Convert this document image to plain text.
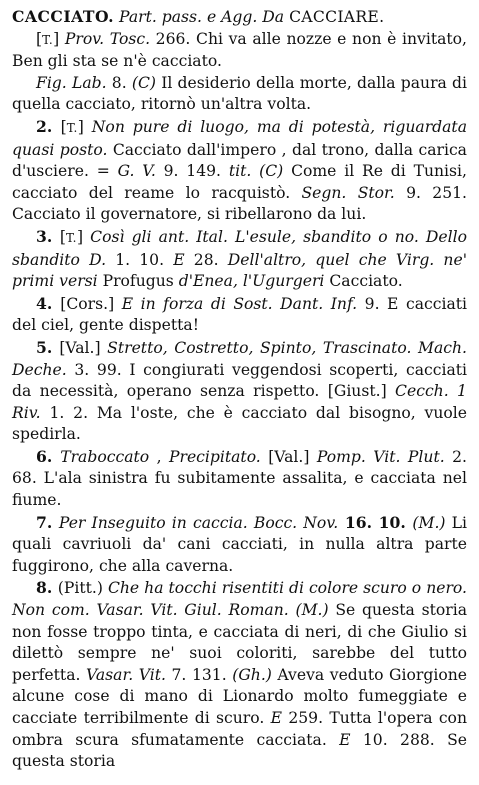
CACCIATO. Part. pass. e Agg. Da CACCIARE.

[T.] Prov. Tosc. 266. Chi va alle nozze e non è invitato, Ben gli sta se n'è cacciato.

Fig. Lab. 8. (C) Il desiderio della morte, dalla paura di quella cacciato, ritornò un'altra volta.

2. [T.] Non pure di luogo, ma di potestà, riguardata quasi posto. Cacciato dall'impero , dal trono, dalla carica d'usciere. = G. V. 9. 149. tit. (C) Come il Re di Tunisi, cacciato del reame lo racquistò. Segn. Stor. 9. 251. Cacciato il governatore, si ribellarono da lui.

3. [T.] Così gli ant. Ital. L'esule, sbandito o no. Dello sbandito D. 1. 10. E 28. Dell'altro, quel che Virg. ne' primi versi Profugus d'Enea, l'Ugurgeri Cacciato.

4. [Cors.] E in forza di Sost. Dant. Inf. 9. E cacciati del ciel, gente dispetta!

5. [Val.] Stretto, Costretto, Spinto, Trascinato. Mach. Deche. 3. 99. I congiurati veggendosi scoperti, cacciati da necessità, operano senza rispetto. [Giust.] Cecch. 1 Riv. 1. 2. Ma l'oste, che è cacciato dal bisogno, vuole spedirla.

6. Traboccato , Precipitato. [Val.] Pomp. Vit. Plut. 2. 68. L'ala sinistra fu subitamente assalita, e cacciata nel fiume.

7. Per Inseguito in caccia. Bocc. Nov. 16. 10. (M.) Li quali cavriuoli da' cani cacciati, in nulla altra parte fuggirono, che alla caverna.

8. (Pitt.) Che ha tocchi risentiti di colore scuro o nero. Non com. Vasar. Vit. Giul. Roman. (M.) Se questa storia non fosse troppo tinta, e cacciata di neri, di che Giulio si dilettò sempre ne' suoi coloriti, sarebbe del tutto perfetta. Vasar. Vit. 7. 131. (Gh.) Aveva veduto Giorgione alcune cose di mano di Lionardo molto fumeggiate e cacciate terribilmente di scuro. E 259. Tutta l'opera con ombra scura sfumatamente cacciata. E 10. 288. Se questa storia
